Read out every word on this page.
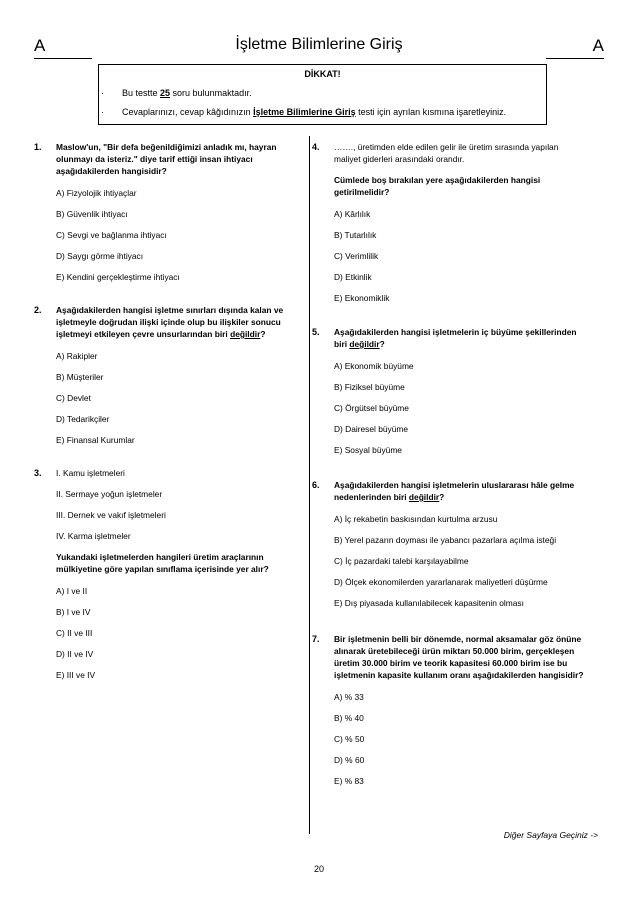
A	İşletme Bilimlerine Giriş	A
DİKKAT!
· Bu testte 25 soru bulunmaktadır.
· Cevaplarınızı, cevap kâğıdınızın İşletme Bilimlerine Giriş testi için ayrılan kısmına işaretleyiniz.
1. Maslow'un, "Bir defa beğenildiğimizi anladık mı, hayran olunmayı da isteriz." diye tarif ettiği insan ihtiyacı aşağıdakilerden hangisidir?
A) Fizyolojik ihtiyaçlar
B) Güvenlik ihtiyacı
C) Sevgi ve bağlanma ihtiyacı
D) Saygı görme ihtiyacı
E) Kendini gerçekleştirme ihtiyacı
2. Aşağıdakilerden hangisi işletme sınırları dışında kalan ve işletmeyle doğrudan ilişki içinde olup bu ilişkiler sonucu işletmeyi etkileyen çevre unsurlarından biri değildir?
A) Rakipler
B) Müşteriler
C) Devlet
D) Tedarikçiler
E) Finansal Kurumlar
3. I. Kamu işletmeleri
II. Sermaye yoğun işletmeler
III. Dernek ve vakıf işletmeleri
IV. Karma işletmeler
Yukandaki işletmelerden hangileri üretim araçlarının mülkiyetine göre yapılan sınıflama içerisinde yer alır?
A) I ve II
B) I ve IV
C) II ve III
D) II ve IV
E) III ve IV
4. ……., üretimden elde edilen gelir ile üretim sırasında yapılan maliyet giderleri arasındaki orandır.
Cümlede boş bırakılan yere aşağıdakilerden hangisi getirilmelidir?
A) Kârlılık
B) Tutarlılık
C) Verimlilik
D) Etkinlik
E) Ekonomiklik
5. Aşağıdakilerden hangisi işletmelerin iç büyüme şekillerinden biri değildir?
A) Ekonomik büyüme
B) Fiziksel büyüme
C) Örgütsel büyüme
D) Dairesel büyüme
E) Sosyal büyüme
6. Aşağıdakilerden hangisi işletmelerin uluslararası hâle gelme nedenlerinden biri değildir?
A) İç rekabetin baskısından kurtulma arzusu
B) Yerel pazarın doyması ile yabancı pazarlara açılma isteği
C) İç pazardaki talebi karşılayabilme
D) Ölçek ekonomilerden yararlanarak maliyetleri düşürme
E) Dış piyasada kullanılabilecek kapasitenin olması
7. Bir işletmenin belli bir dönemde, normal aksamalar göz önüne alınarak üretebileceği ürün miktarı 50.000 birim, gerçekleşen üretim 30.000 birim ve teorik kapasitesi 60.000 birim ise bu işletmenin kapasite kullanım oranı aşağıdakilerden hangisidir?
A) % 33
B) % 40
C) % 50
D) % 60
E) % 83
Diğer Sayfaya Geçiniz ->
20
